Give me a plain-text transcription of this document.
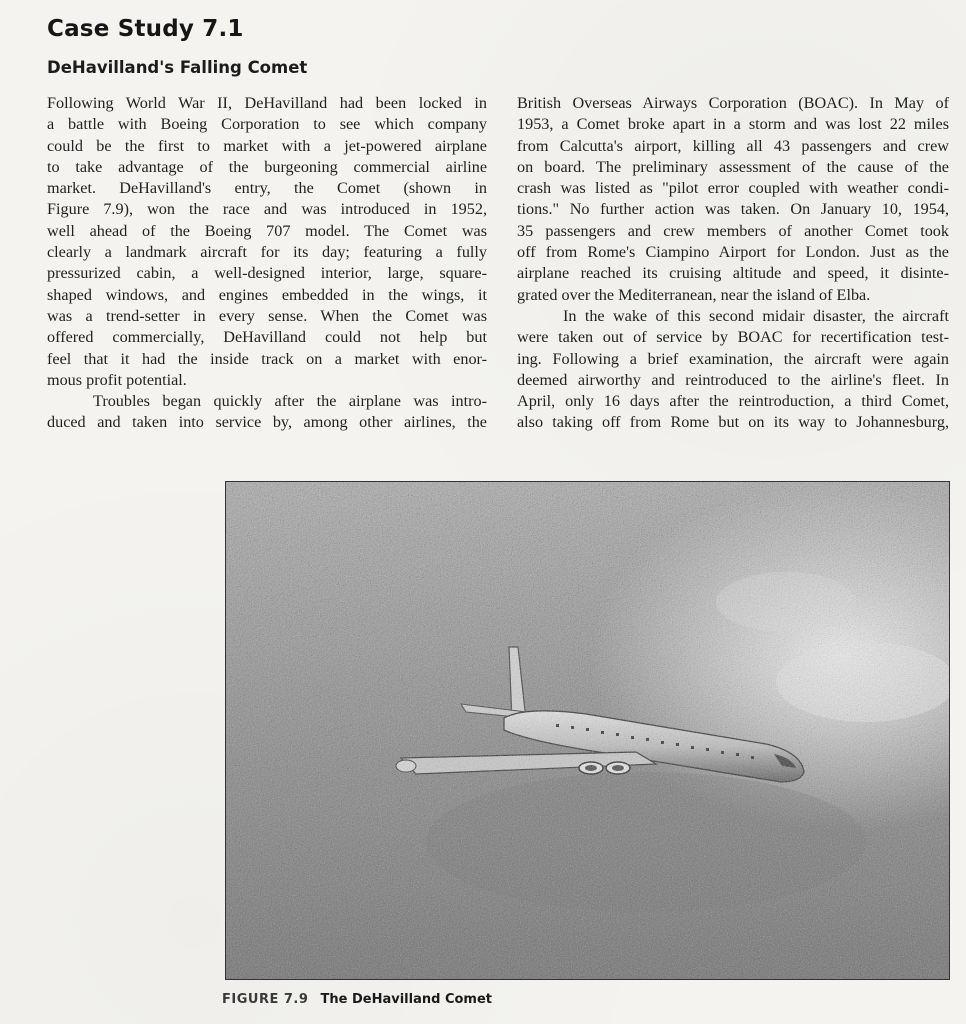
Case Study 7.1
DeHavilland's Falling Comet
Following World War II, DeHavilland had been locked in
a battle with Boeing Corporation to see which company
could be the first to market with a jet-powered airplane
to take advantage of the burgeoning commercial airline
market. DeHavilland's entry, the Comet (shown in
Figure 7.9), won the race and was introduced in 1952,
well ahead of the Boeing 707 model. The Comet was
clearly a landmark aircraft for its day; featuring a fully
pressurized cabin, a well-designed interior, large, square-
shaped windows, and engines embedded in the wings, it
was a trend-setter in every sense. When the Comet was
offered commercially, DeHavilland could not help but
feel that it had the inside track on a market with enor-
mous profit potential.
Troubles began quickly after the airplane was intro-
duced and taken into service by, among other airlines, the
British Overseas Airways Corporation (BOAC). In May of
1953, a Comet broke apart in a storm and was lost 22 miles
from Calcutta's airport, killing all 43 passengers and crew
on board. The preliminary assessment of the cause of the
crash was listed as "pilot error coupled with weather condi-
tions." No further action was taken. On January 10, 1954,
35 passengers and crew members of another Comet took
off from Rome's Ciampino Airport for London. Just as the
airplane reached its cruising altitude and speed, it disinte-
grated over the Mediterranean, near the island of Elba.
In the wake of this second midair disaster, the aircraft
were taken out of service by BOAC for recertification test-
ing. Following a brief examination, the aircraft were again
deemed airworthy and reintroduced to the airline's fleet. In
April, only 16 days after the reintroduction, a third Comet,
also taking off from Rome but on its way to Johannesburg,
FIGURE 7.9 The DeHavilland Comet
